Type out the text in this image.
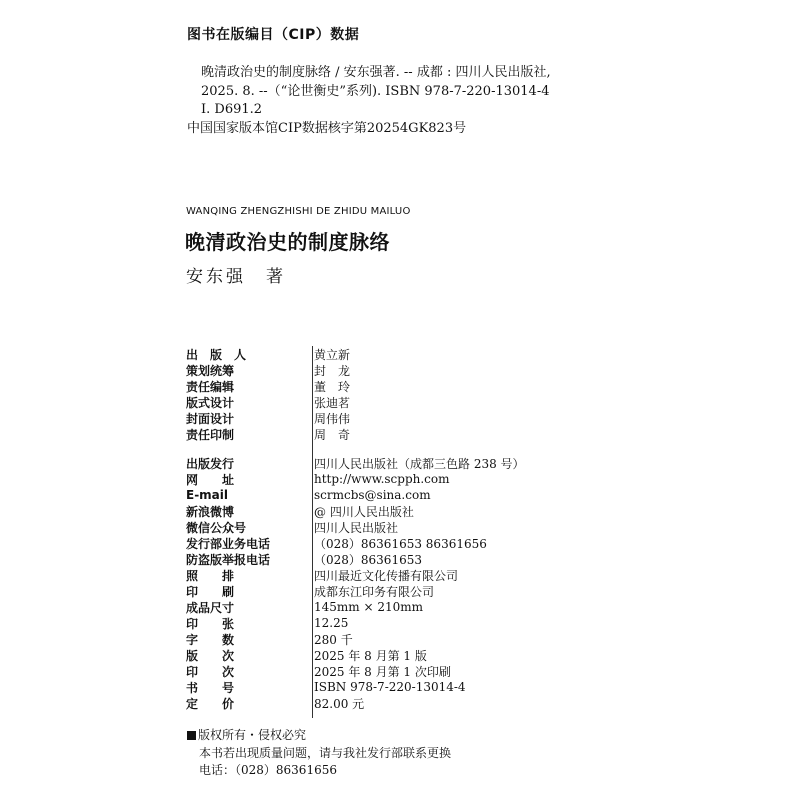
图书在版编目（CIP）数据
晚清政治史的制度脉络 / 安东强著. -- 成都 : 四川人民出版社,
2025. 8. --（“论世衡史”系列). ISBN 978-7-220-13014-4
Ⅰ. D691.2
中国国家版本馆CIP数据核字第20254GK823号
WANQING ZHENGZHISHI DE ZHIDU MAILUO
晚清政治史的制度脉络
安东强　著
出　版　人	黄立新
策划统筹	封　龙
责任编辑	董　玲
版式设计	张迪茗
封面设计	周伟伟
责任印制	周　奇
出版发行	四川人民出版社（成都三色路 238 号）
网　　址	http://www.scpph.com
E-mail	scrmcbs@sina.com
新浪微博	@ 四川人民出版社
微信公众号	四川人民出版社
发行部业务电话	（028）86361653 86361656
防盗版举报电话	（028）86361653
照　　排	四川最近文化传播有限公司
印　　刷	成都东江印务有限公司
成品尺寸	145mm × 210mm
印　　张	12.25
字　　数	280 千
版　　次	2025 年 8 月第 1 版
印　　次	2025 年 8 月第 1 次印刷
书　　号	ISBN 978-7-220-13014-4
定　　价	82.00 元
版权所有・侵权必究
本书若出现质量问题，请与我社发行部联系更换
电话：（028）86361656
